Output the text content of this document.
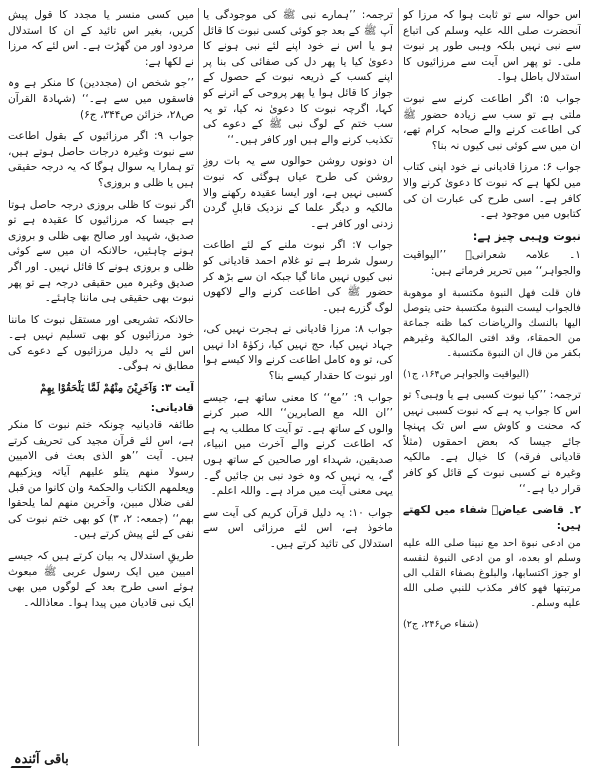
اس حوالہ سے تو ثابت ہوا کہ مرزا کو آنحضرت صلی اللہ علیہ وسلم کی اتباع سے نبی نہیں بلکہ وہبی طور پر نبوت ملی۔ تو پھر اس آیت سے مرزائیوں کا استدلال باطل ہوا۔

جواب ۵: اگر اطاعت کرنے سے نبوت ملتی ہے تو سب سے زیادہ حضور ﷺ کی اطاعت کرنے والے صحابہ کرام تھے، ان میں سے کوئی نبی کیوں نہ بنا؟

جواب ۶: مرزا قادیانی نے خود اپنی کتاب میں لکھا ہے کہ نبوت کا دعویٰ کرنے والا کافر ہے۔ اسی طرح کی عبارت ان کی کتابوں میں موجود ہے۔

نبوت وہبی چیز ہے:

۱۔ علامہ شعرانیؒ ’’الیواقیت والجواہر‘‘ میں تحریر فرماتے ہیں:

فان قلت فهل النبوة مكتسبة او موهوبة فالجواب ليست النبوة مكتسبة حتى يتوصل اليها بالنسك والرياضات كما ظنه جماعة من الحمقاء، وقد افتى المالكية وغيرهم بكفر من قال ان النبوة مكتسبة۔

(الیواقیت والجواہر ص۱۶۴، ج۱)

ترجمہ: ’’کیا نبوت کسبی ہے یا وہبی؟ تو اس کا جواب یہ ہے کہ نبوت کسبی نہیں کہ محنت و کاوش سے اس تک پہنچا جائے جیسا کہ بعض احمقوں (مثلاً قادیانی فرقہ) کا خیال ہے۔ مالکیہ وغیرہ نے کسبی نبوت کے قائل کو کافر قرار دیا ہے۔‘‘

۲۔ قاضی عیاضؒ شفاء میں لکھتے ہیں:

من ادعى نبوة احد مع نبينا صلى الله عليه وسلم او بعده، او من ادعى النبوة لنفسه او جوز اكتسابها، والبلوغ بصفاء القلب الى مرتبتها فهو كافر مكذب للنبي صلى الله عليه وسلم۔

(شفاء ص۲۴۶، ج۲)

ترجمہ: ’’ہمارے نبی ﷺ کی موجودگی یا آپ ﷺ کے بعد جو کوئی کسی نبوت کا قائل ہو یا اس نے خود اپنے لئے نبی ہونے کا دعویٰ کیا یا پھر دل کی صفائی کی بنا پر اپنے کسب کے ذریعہ نبوت کے حصول کے جواز کا قائل ہوا یا پھر پروحی کے اترنے کو کہا، اگرچہ نبوت کا دعویٰ نہ کیا، تو یہ سب ختم کے لوگ نبی ﷺ کے دعوے کی تکذیب کرنے والے ہیں اور کافر ہیں۔‘‘

ان دونوں روشن حوالوں سے یہ بات روزِ روشن کی طرح عیاں ہوگئی کہ نبوت کسبی نہیں ہے، اور ایسا عقیدہ رکھنے والا مالکیہ و دیگر علما کے نزدیک قابلِ گردن زدنی اور کافر ہے۔

جواب ۷: اگر نبوت ملنے کے لئے اطاعت رسول شرط ہے تو غلام احمد قادیانی کو نبی کیوں نہیں مانا گیا جبکہ ان سے بڑھ کر حضور ﷺ کی اطاعت کرنے والے لاکھوں لوگ گزرے ہیں۔

جواب ۸: مرزا قادیانی نے ہجرت نہیں کی، جہاد نہیں کیا، حج نہیں کیا، زکوٰۃ ادا نہیں کی، تو وہ کامل اطاعت کرنے والا کیسے ہوا اور نبوت کا حقدار کیسے بنا؟

جواب ۹: ’’مع‘‘ کا معنی ساتھ ہے، جیسے ’’ان اللہ مع الصابرین‘‘ اللہ صبر کرنے والوں کے ساتھ ہے۔ تو آیت کا مطلب یہ ہے کہ اطاعت کرنے والے آخرت میں انبیاء، صدیقین، شہداء اور صالحین کے ساتھ ہوں گے، یہ نہیں کہ وہ خود نبی بن جائیں گے۔ یہی معنی آیت میں مراد ہے۔ واللہ اعلم۔

جواب ۱۰: یہ دلیل قرآن کریم کی آیت سے ماخوذ ہے، اس لئے مرزائی اس سے استدلال کی تائید کرتے ہیں۔

میں کسی منسر یا مجدد کا قول پیش کریں، بغیر اس تائید کے ان کا استدلال مردود اور من گھڑت ہے۔ اس لئے کہ مرزا نے لکھا ہے:

’’جو شخص ان (مجددین) کا منکر ہے وہ فاسقوں میں سے ہے۔‘‘ (شہادۃ القرآن ص۲۸، خزائن ص۳۴۴، ج۶)

جواب ۹: اگر مرزائیوں کے بقول اطاعت سے نبوت وغیرہ درجات حاصل ہوتے ہیں، تو ہمارا یہ سوال ہوگا کہ یہ درجہ حقیقی ہیں یا ظلی و بروزی؟

اگر نبوت کا ظلی بروزی درجہ حاصل ہوتا ہے جیسا کہ مرزائیوں کا عقیدہ ہے تو صدیق، شہید اور صالح بھی ظلی و بروزی ہونے چاہئیں، حالانکہ ان میں سے کوئی ظلی و بروزی ہونے کا قائل نہیں۔ اور اگر صدیق وغیرہ میں حقیقی درجہ ہے تو پھر نبوت بھی حقیقی ہی ماننا چاہئے۔

حالانکہ تشریعی اور مستقل نبوت کا ماننا خود مرزائیوں کو بھی تسلیم نہیں ہے۔ اس لئے یہ دلیل مرزائیوں کے دعوے کی مطابق نہ ہوگی۔

آیت ۳: وَآخَرِيْنَ مِنْهُمْ لَمَّا يَلْحَقُوْا بِهِمْ
قادیانی:

طائفہ قادیانیہ چونکہ ختم نبوت کا منکر ہے، اس لئے قرآن مجید کی تحریف کرتے ہیں۔ آیت ’’ھو الذی بعث فی الامیین رسولا منھم یتلو علیھم آیاتہ ویزکیھم ویعلمھم الکتاب والحکمۃ وان کانوا من قبل لفی ضلال مبین، وآخرین منھم لما یلحقوا بھم‘‘ (جمعہ: ۲، ۳) کو بھی ختم نبوت کی نفی کے لئے پیش کرتے ہیں۔

طریقِ استدلال یہ بیان کرتے ہیں کہ جیسے امیین میں ایک رسول عربی ﷺ مبعوث ہوئے اسی طرح بعد کے لوگوں میں بھی ایک نبی قادیان میں پیدا ہوا۔ معاذاللہ۔

باقی آئندہ
